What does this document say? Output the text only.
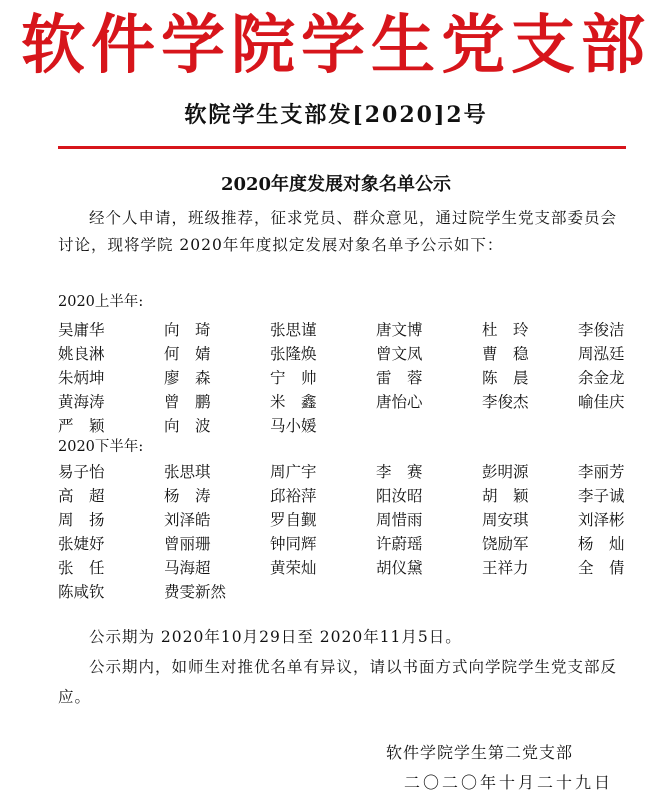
软件学院学生党支部
软院学生支部发[2020]2号
2020年度发展对象名单公示
经个人申请，班级推荐，征求党员、群众意见，通过院学生党支部委员会讨论，现将学院 2020年年度拟定发展对象名单予公示如下：
2020上半年:
吴庸华	向　琦	张思谨	唐文博	杜　玲	李俊洁
姚良淋	何　婧	张隆焕	曾文凤	曹　稳	周泓廷
朱炳坤	廖　森	宁　帅	雷　蓉	陈　晨	余金龙
黄海涛	曾　鹏	米　鑫	唐怡心	李俊杰	喻佳庆
严　颖	向　波	马小媛
2020下半年:
易子怡	张思琪	周广宇	李　赛	彭明源	李丽芳
高　超	杨　涛	邱裕萍	阳汝昭	胡　颖	李子诚
周　扬	刘泽皓	罗自觐	周惜雨	周安琪	刘泽彬
张婕妤	曾丽珊	钟同辉	许蔚瑶	饶励军	杨　灿
张　任	马海超	黄荣灿	胡仪黛	王祥力	全　倩
陈咸钦	费雯新然
公示期为 2020年10月29日至 2020年11月5日。
公示期内，如师生对推优名单有异议，请以书面方式向学院学生党支部反应。
软件学院学生第二党支部
二〇二〇年十月二十九日
